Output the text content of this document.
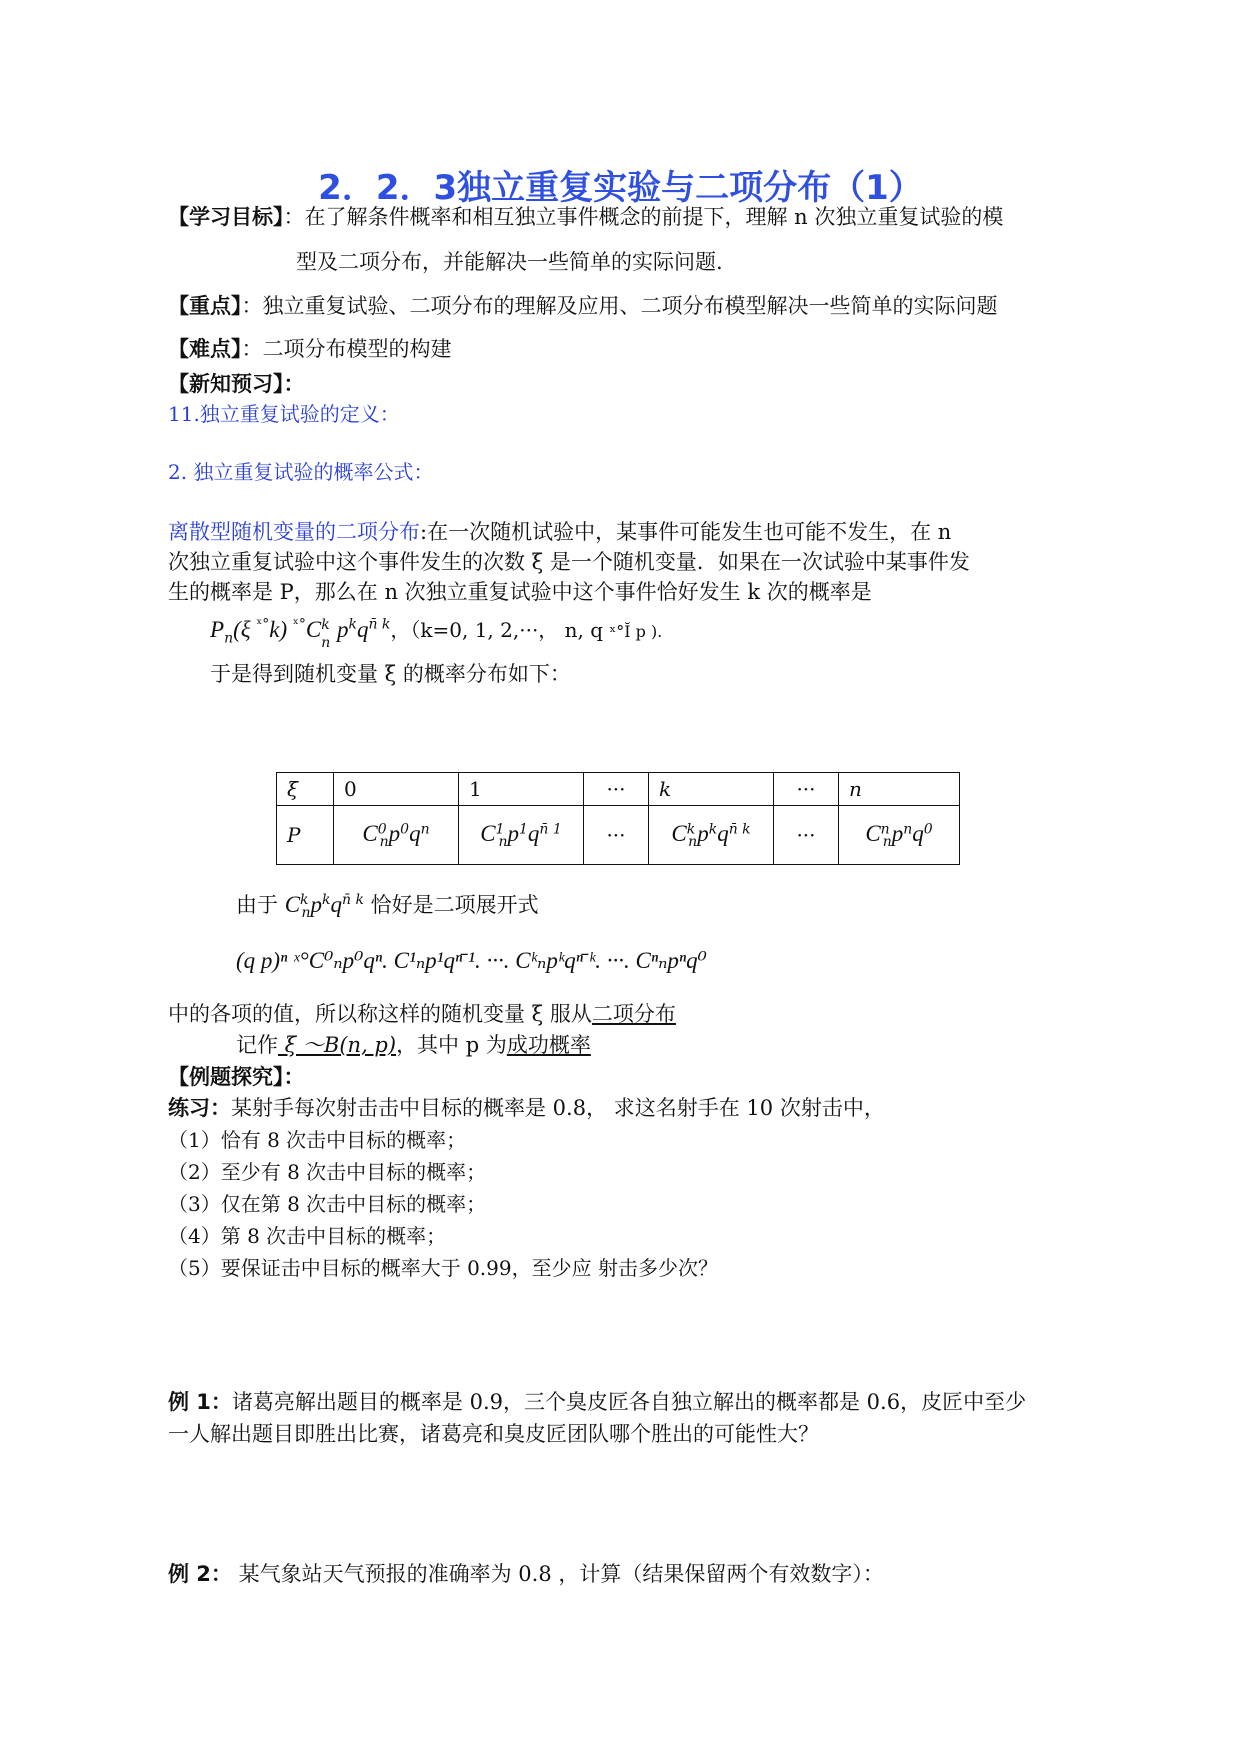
2．2．3独立重复实验与二项分布（1）
【学习目标】：在了解条件概率和相互独立事件概念的前提下，理解 n 次独立重复试验的模
型及二项分布，并能解决一些简单的实际问题.
【重点】：独立重复试验、二项分布的理解及应用、二项分布模型解决一些简单的实际问题
【难点】：二项分布模型的构建
【新知预习】：
11.独立重复试验的定义：
2. 独立重复试验的概率公式：
离散型随机变量的二项分布:在一次随机试验中，某事件可能发生也可能不发生，在 n
次独立重复试验中这个事件发生的次数 ξ 是一个随机变量．如果在一次试验中某事件发
生的概率是 P，那么在 n 次独立重复试验中这个事件恰好发生 k 次的概率是
$P_n(\xi$ $^{ˣ^\circ}$k) $^{ˣ^\circ}$C k
n
$p^kq^{n̄ k}$，（k=0, 1, 2,···， n, q ˣ°Ĭ p ).
于是得到随机变量 ξ 的概率分布如下：
ξ	0	1	···	k	···	n
P	$C^0_np^0q^n$	$C^1_np^1q^{n̄ 1}$	···	$C^k_np^kq^{n̄ k}$	···	$C^n_np^nq^0$
由于 $C^k_np^kq^{n̄ k}$ 恰好是二项展开式
(q p)ⁿ ˣ°C⁰ₙp⁰qⁿ. C¹ₙp¹qⁿ̄ ¹. ···. Cᵏₙpᵏqⁿ̄ ᵏ. ···. Cⁿₙpⁿq⁰
中的各项的值，所以称这样的随机变量 ξ 服从二项分布
记作 ξ ～B(n, p)，其中 p 为成功概率
【例题探究】：
练习：某射手每次射击击中目标的概率是 0.8， 求这名射手在 10 次射击中，
（1）恰有 8 次击中目标的概率；
（2）至少有 8 次击中目标的概率；
（3）仅在第 8 次击中目标的概率；
（4）第 8 次击中目标的概率；
（5）要保证击中目标的概率大于 0.99，至少应 射击多少次？
例 1：诸葛亮解出题目的概率是 0.9，三个臭皮匠各自独立解出的概率都是 0.6，皮匠中至少
一人解出题目即胜出比赛，诸葛亮和臭皮匠团队哪个胜出的可能性大？
例 2： 某气象站天气预报的准确率为 0.8 ，计算（结果保留两个有效数字）：
